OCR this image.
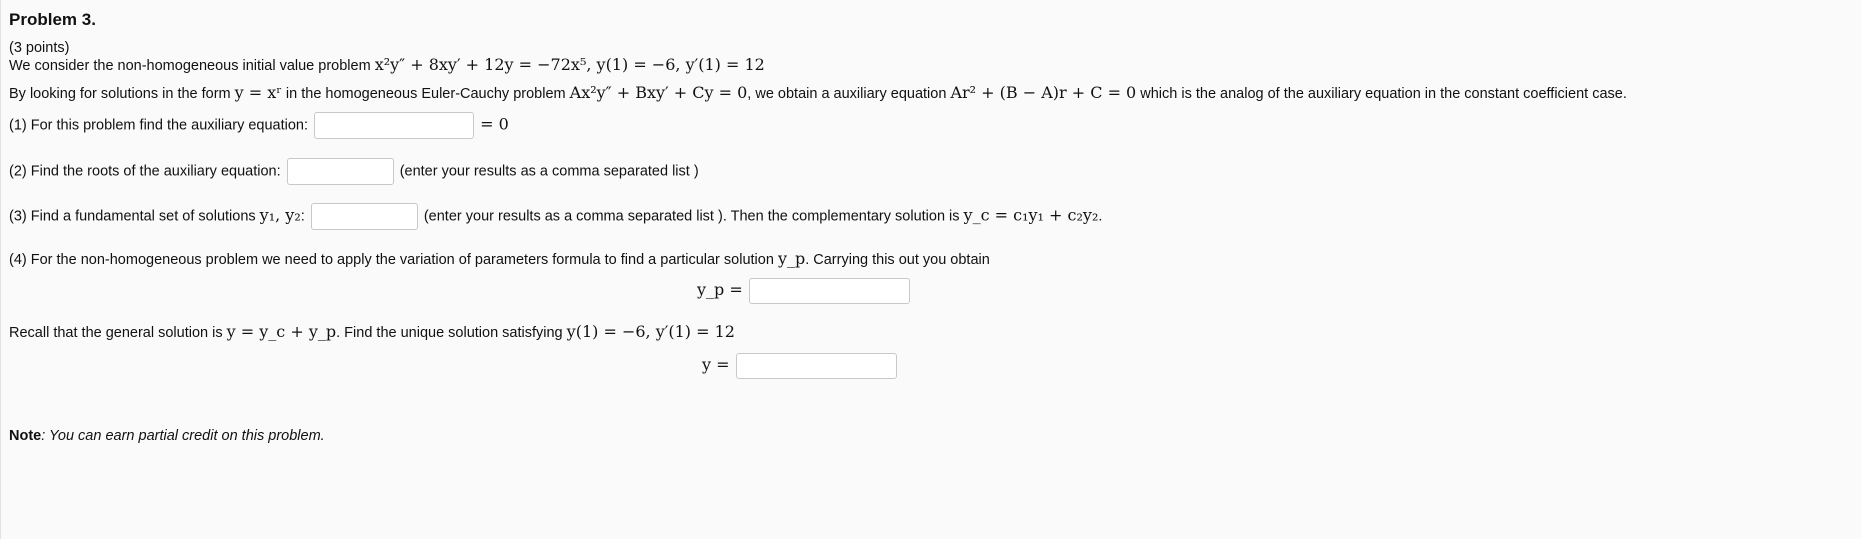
Problem 3.
(3 points)
We consider the non-homogeneous initial value problem x²y″ + 8xy′ + 12y = −72x⁵, y(1) = −6, y′(1) = 12
By looking for solutions in the form y = xʳ in the homogeneous Euler-Cauchy problem Ax²y″ + Bxy′ + Cy = 0, we obtain a auxiliary equation Ar² + (B − A)r + C = 0 which is the analog of the auxiliary equation in the constant coefficient case.
(1) For this problem find the auxiliary equation:	= 0
(2) Find the roots of the auxiliary equation:	(enter your results as a comma separated list )
(3) Find a fundamental set of solutions y₁, y₂:	(enter your results as a comma separated list ). Then the complementary solution is y_c = c₁y₁ + c₂y₂.
(4) For the non-homogeneous problem we need to apply the variation of parameters formula to find a particular solution y_p. Carrying this out you obtain
y_p =
Recall that the general solution is y = y_c + y_p. Find the unique solution satisfying y(1) = −6, y′(1) = 12
y =
Note: You can earn partial credit on this problem.
